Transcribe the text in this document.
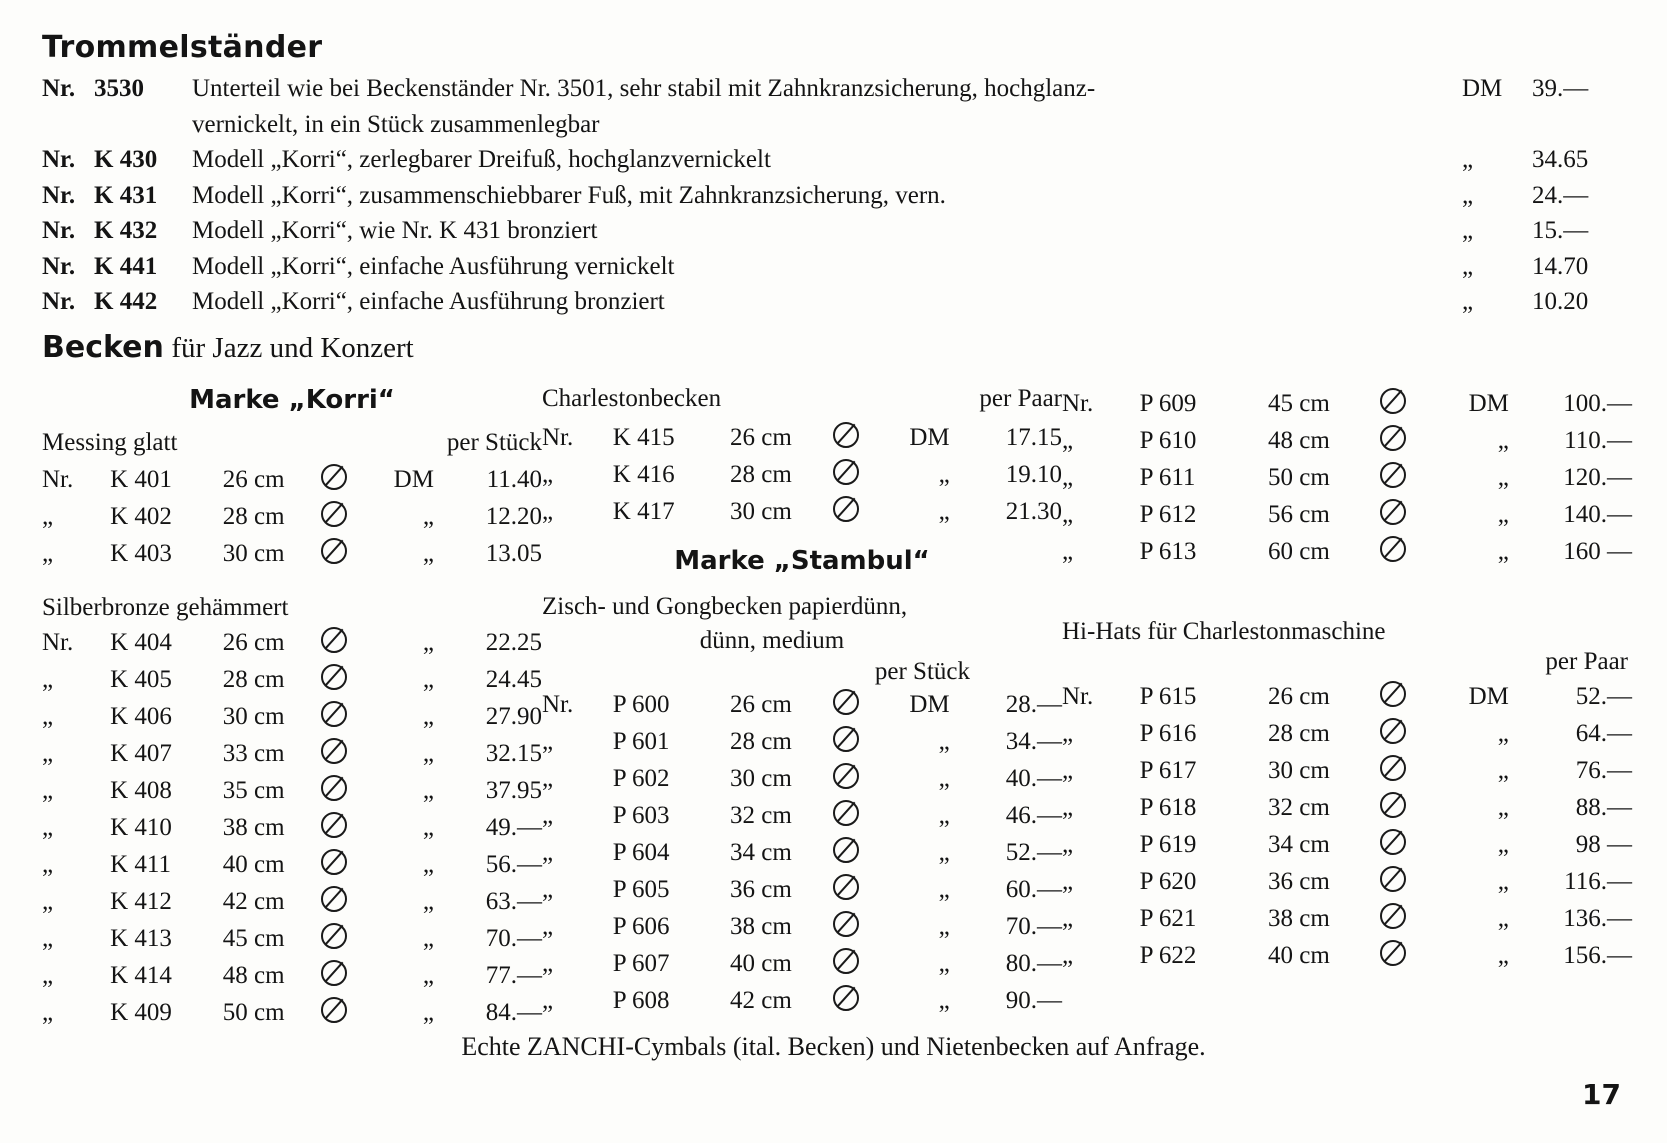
Trommelständer
Nr. 3530 Unterteil wie bei Beckenständer Nr. 3501, sehr stabil mit Zahnkranzsicherung, hochglanz-	DM	39.—
vernickelt, in ein Stück zusammenlegbar
Nr. K 430 Modell „Korri“, zerlegbarer Dreifuß, hochglanzvernickelt	„	34.65
Nr. K 431 Modell „Korri“, zusammenschiebbarer Fuß, mit Zahnkranzsicherung, vern.	„	24.—
Nr. K 432 Modell „Korri“, wie Nr. K 431 bronziert	„	15.—
Nr. K 441 Modell „Korri“, einfache Ausführung vernickelt	„	14.70
Nr. K 442 Modell „Korri“, einfache Ausführung bronziert	„	10.20
Becken für Jazz und Konzert
Marke „Korri“
Messing glatt	per Stück
Nr.	K 401	26 cm		DM	11.40
„	K 402	28 cm		„	12.20
„	K 403	30 cm		„	13.05
Silberbronze gehämmert
Nr.	K 404	26 cm		„	22.25
„	K 405	28 cm		„	24.45
„	K 406	30 cm		„	27.90
„	K 407	33 cm		„	32.15
„	K 408	35 cm		„	37.95
„	K 410	38 cm		„	49.—
„	K 411	40 cm		„	56.—
„	K 412	42 cm		„	63.—
„	K 413	45 cm		„	70.—
„	K 414	48 cm		„	77.—
„	K 409	50 cm		„	84.—
Charlestonbecken	per Paar
Nr.	K 415	26 cm		DM	17.15
„	K 416	28 cm		„	19.10
„	K 417	30 cm		„	21.30
Marke „Stambul“
Zisch- und Gongbecken papierdünn,
dünn, medium
per Stück
Nr.	P 600	26 cm		DM	28.—
„	P 601	28 cm		„	34.—
„	P 602	30 cm		„	40.—
„	P 603	32 cm		„	46.—
„	P 604	34 cm		„	52.—
„	P 605	36 cm		„	60.—
„	P 606	38 cm		„	70.—
„	P 607	40 cm		„	80.—
„	P 608	42 cm		„	90.—
Nr.	P 609	45 cm		DM	100.—
„	P 610	48 cm		„	110.—
„	P 611	50 cm		„	120.—
„	P 612	56 cm		„	140.—
„	P 613	60 cm		„	160 —
Hi-Hats für Charlestonmaschine
per Paar
Nr.	P 615	26 cm		DM	52.—
„	P 616	28 cm		„	64.—
„	P 617	30 cm		„	76.—
„	P 618	32 cm		„	88.—
„	P 619	34 cm		„	98 —
„	P 620	36 cm		„	116.—
„	P 621	38 cm		„	136.—
„	P 622	40 cm		„	156.—
Echte ZANCHI-Cymbals (ital. Becken) und Nietenbecken auf Anfrage.
17
